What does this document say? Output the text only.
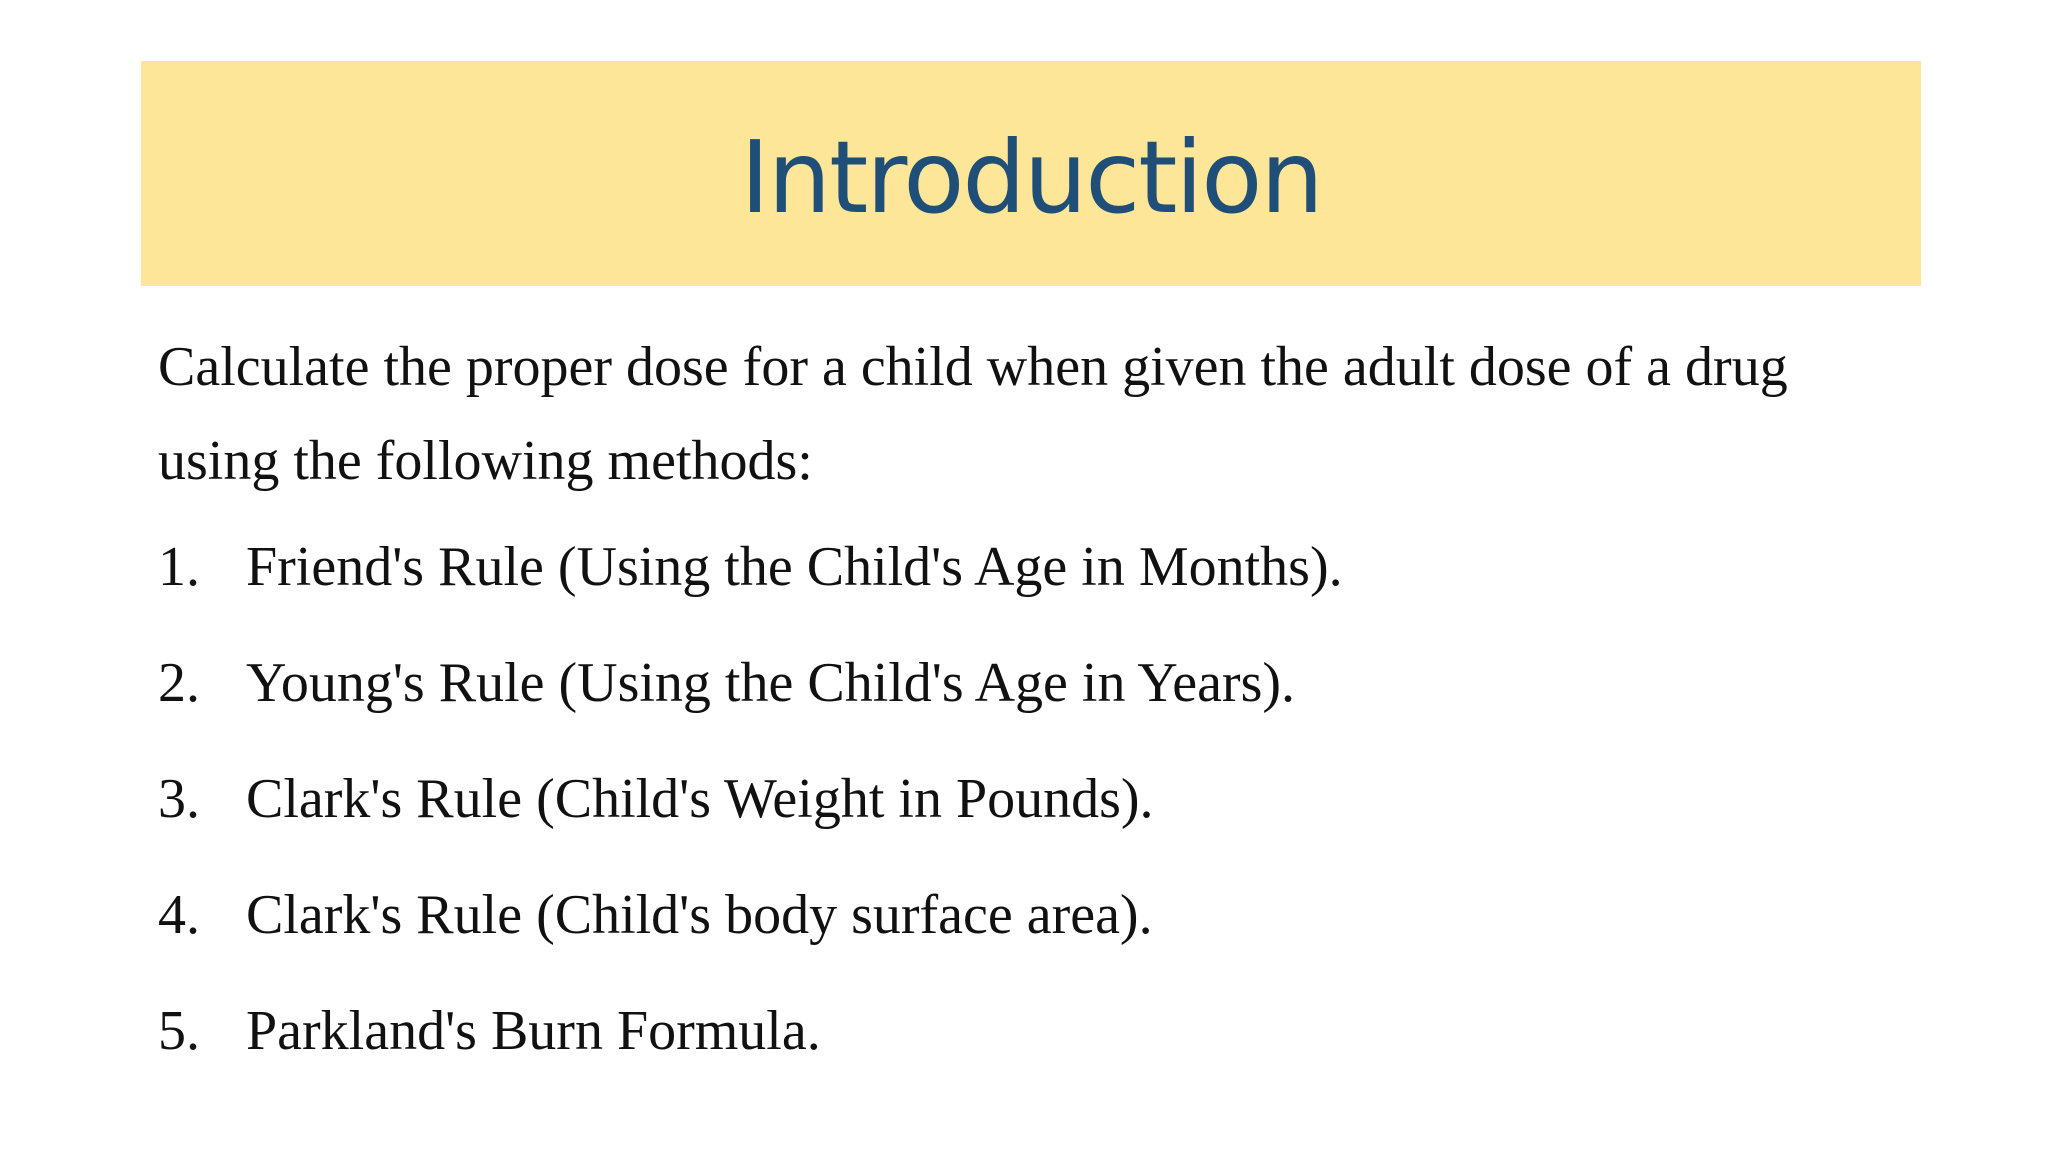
Introduction

Calculate the proper dose for a child when given the adult dose of a drug
using the following methods:

1. Friend's Rule (Using the Child's Age in Months).
2. Young's Rule (Using the Child's Age in Years).
3. Clark's Rule (Child's Weight in Pounds).
4. Clark's Rule (Child's body surface area).
5. Parkland's Burn Formula.
